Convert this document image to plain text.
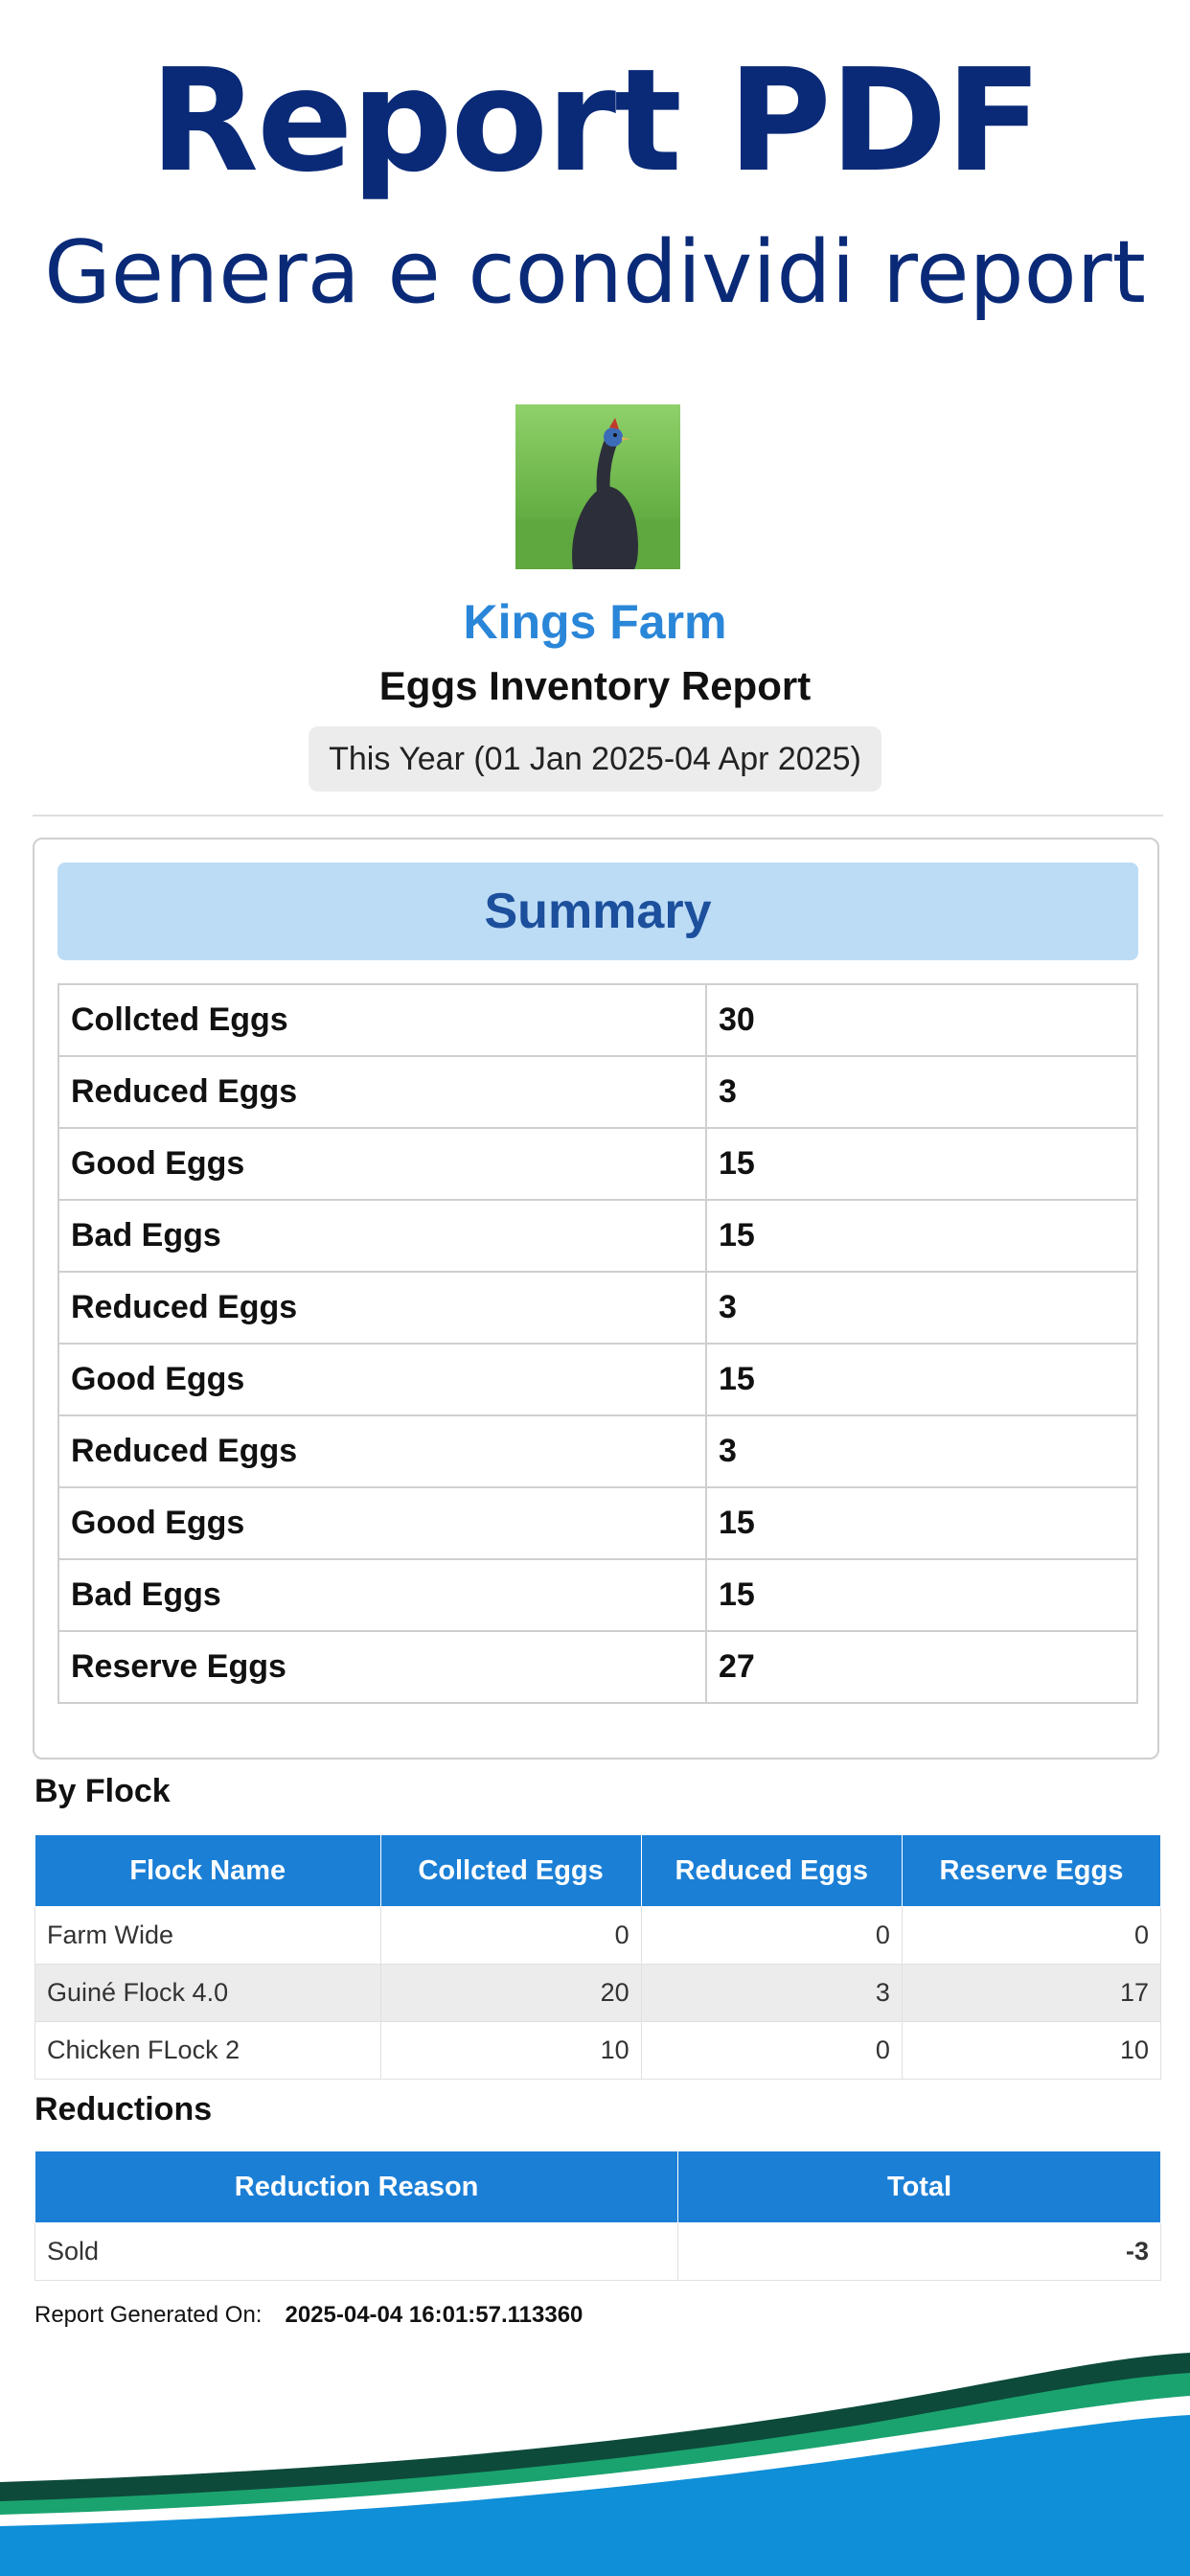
Report PDF
Genera e condividi report
Kings Farm
Eggs Inventory Report
This Year (01 Jan 2025-04 Apr 2025)
Summary
Collcted Eggs	30
Reduced Eggs	3
Good Eggs	15
Bad Eggs	15
Reduced Eggs	3
Good Eggs	15
Reduced Eggs	3
Good Eggs	15
Bad Eggs	15
Reserve Eggs	27
By Flock
Flock Name	Collcted Eggs	Reduced Eggs	Reserve Eggs
Farm Wide	0	0	0
Guiné Flock 4.0	20	3	17
Chicken FLock 2	10	0	10
Reductions
Reduction Reason	Total
Sold	-3
Report Generated On: 2025-04-04 16:01:57.113360
